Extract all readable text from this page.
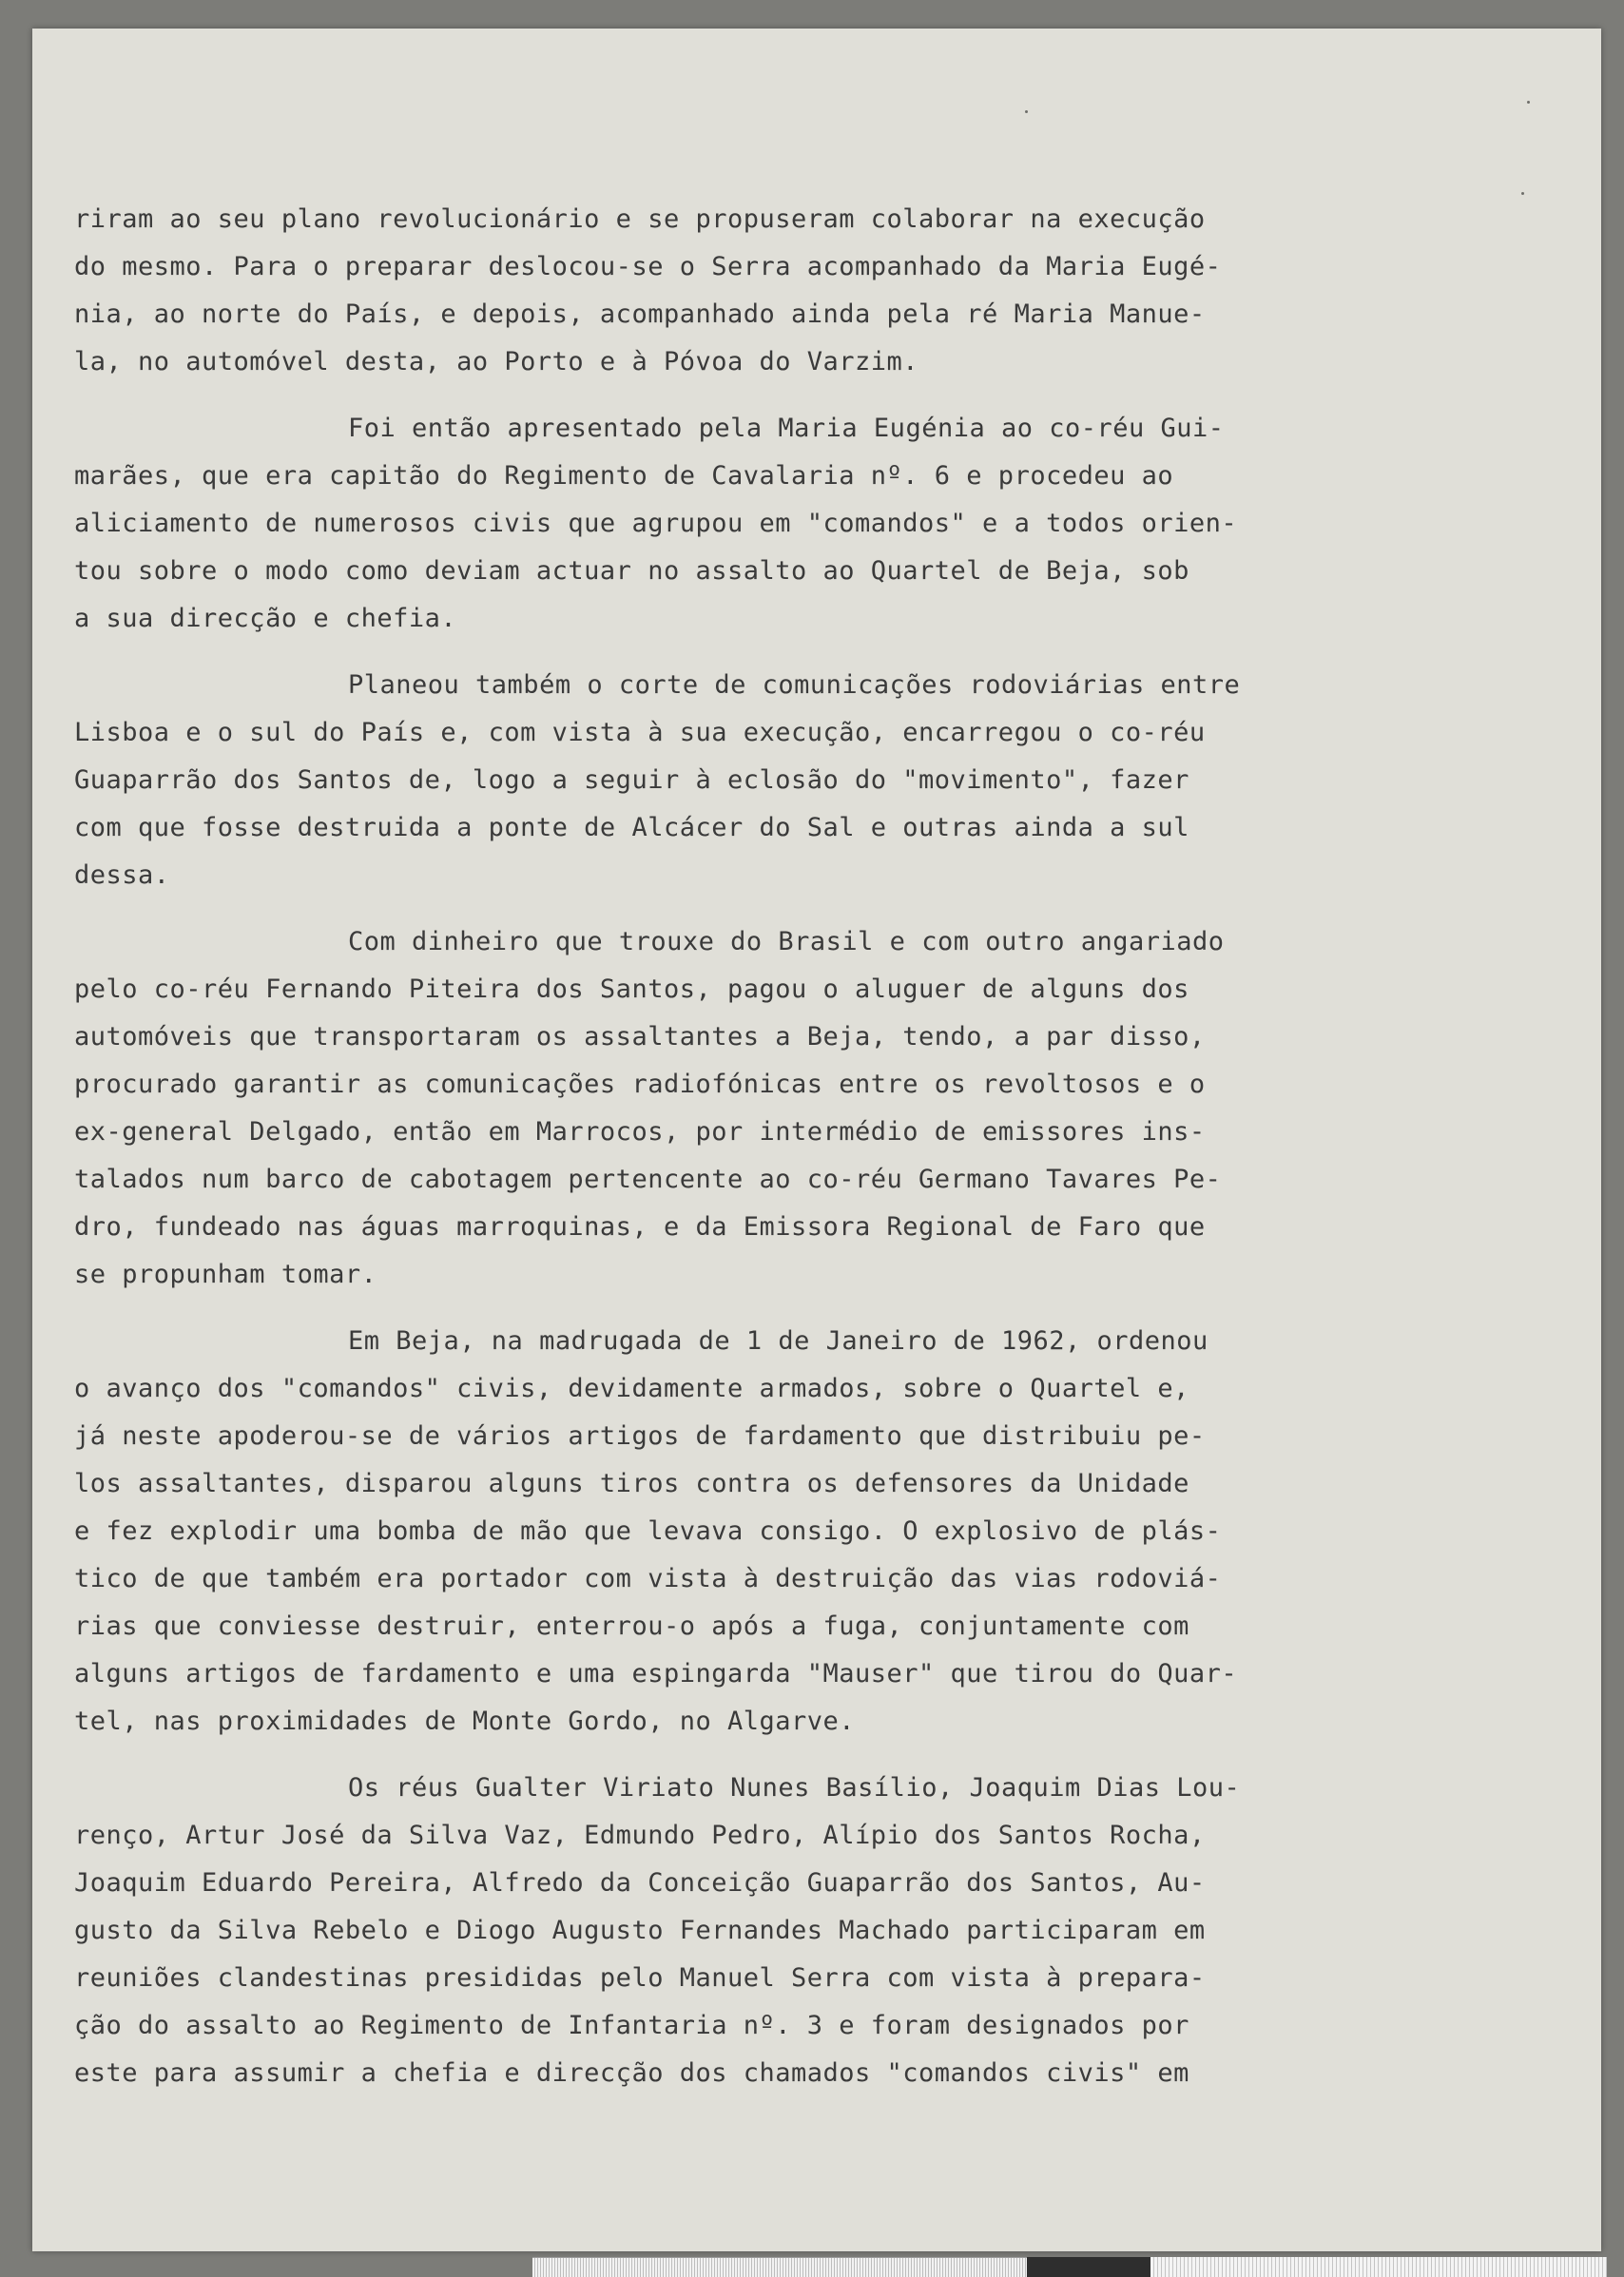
riram ao seu plano revolucionário e se propuseram colaborar na execução
do mesmo. Para o preparar deslocou-se o Serra acompanhado da Maria Eugé-
nia, ao norte do País, e depois, acompanhado ainda pela ré Maria Manue-
la, no automóvel desta, ao Porto e à Póvoa do Varzim.
Foi então apresentado pela Maria Eugénia ao co-réu Gui-
marães, que era capitão do Regimento de Cavalaria nº. 6 e procedeu ao
aliciamento de numerosos civis que agrupou em "comandos" e a todos orien-
tou sobre o modo como deviam actuar no assalto ao Quartel de Beja, sob
a sua direcção e chefia.
Planeou também o corte de comunicações rodoviárias entre
Lisboa e o sul do País e, com vista à sua execução, encarregou o co-réu
Guaparrão dos Santos de, logo a seguir à eclosão do "movimento", fazer
com que fosse destruida a ponte de Alcácer do Sal e outras ainda a sul
dessa.
Com dinheiro que trouxe do Brasil e com outro angariado
pelo co-réu Fernando Piteira dos Santos, pagou o aluguer de alguns dos
automóveis que transportaram os assaltantes a Beja, tendo, a par disso,
procurado garantir as comunicações radiofónicas entre os revoltosos e o
ex-general Delgado, então em Marrocos, por intermédio de emissores ins-
talados num barco de cabotagem pertencente ao co-réu Germano Tavares Pe-
dro, fundeado nas águas marroquinas, e da Emissora Regional de Faro que
se propunham tomar.
Em Beja, na madrugada de 1 de Janeiro de 1962, ordenou
o avanço dos "comandos" civis, devidamente armados, sobre o Quartel e,
já neste apoderou-se de vários artigos de fardamento que distribuiu pe-
los assaltantes, disparou alguns tiros contra os defensores da Unidade
e fez explodir uma bomba de mão que levava consigo. O explosivo de plás-
tico de que também era portador com vista à destruição das vias rodoviá-
rias que conviesse destruir, enterrou-o após a fuga, conjuntamente com
alguns artigos de fardamento e uma espingarda "Mauser" que tirou do Quar-
tel, nas proximidades de Monte Gordo, no Algarve.
Os réus Gualter Viriato Nunes Basílio, Joaquim Dias Lou-
renço, Artur José da Silva Vaz, Edmundo Pedro, Alípio dos Santos Rocha,
Joaquim Eduardo Pereira, Alfredo da Conceição Guaparrão dos Santos, Au-
gusto da Silva Rebelo e Diogo Augusto Fernandes Machado participaram em
reuniões clandestinas presididas pelo Manuel Serra com vista à prepara-
ção do assalto ao Regimento de Infantaria nº. 3 e foram designados por
este para assumir a chefia e direcção dos chamados "comandos civis" em
